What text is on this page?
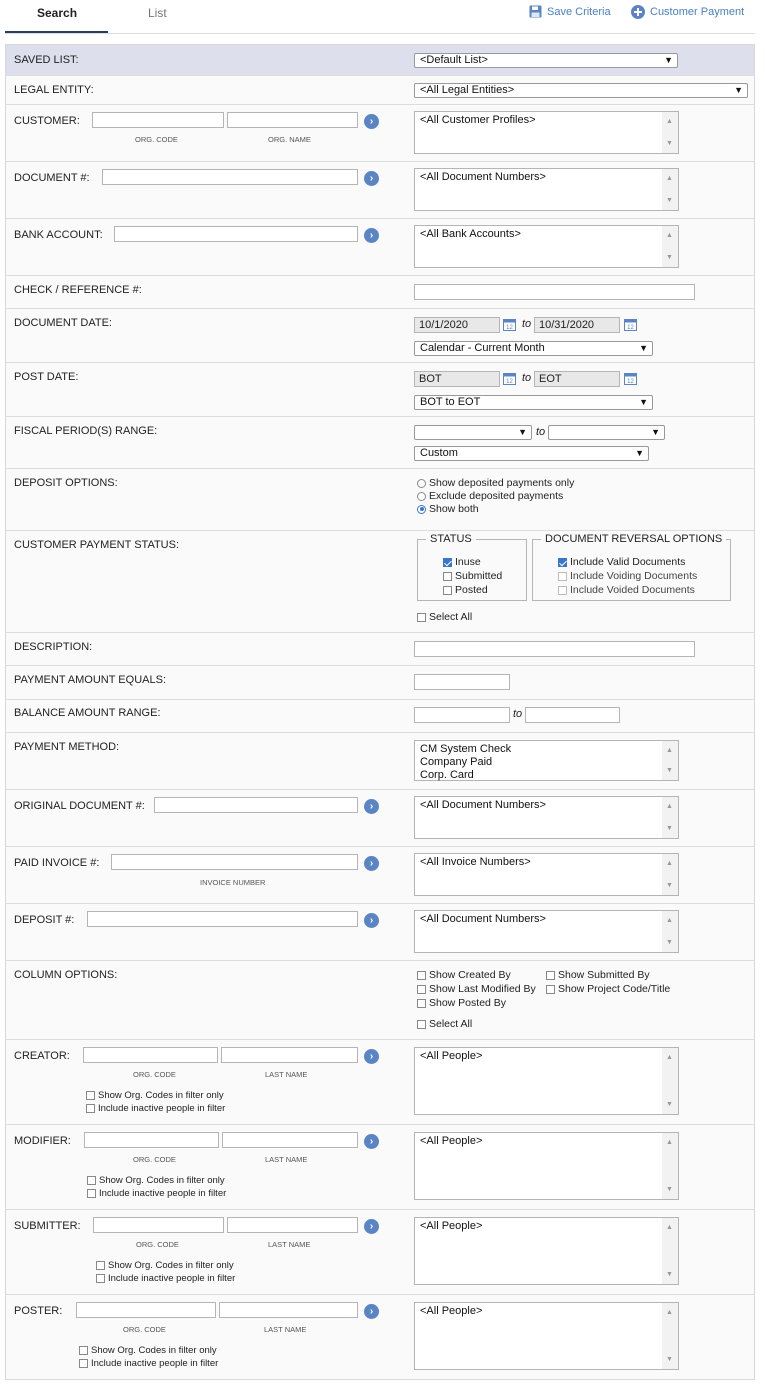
Search	List	Save Criteria	Customer Payment
SAVED LIST:	<Default List>	▼
LEGAL ENTITY:	<All Legal Entities>	▼
CUSTOMER:
ORG. CODE	ORG. NAME
›	<All Customer Profiles>	▲
▼
DOCUMENT #:	›	<All Document Numbers>	▲
▼
BANK ACCOUNT:	›	<All Bank Accounts>	▲
▼
CHECK / REFERENCE #:
DOCUMENT DATE:	10/1/2020	12 to 10/31/2020	12
Calendar - Current Month	▼
POST DATE:	BOT	12 to EOT	12
BOT to EOT	▼
FISCAL PERIOD(S) RANGE:	▼ to	▼
Custom	▼
DEPOSIT OPTIONS:	Show deposited payments only
Exclude deposited payments
Show both
CUSTOMER PAYMENT STATUS:	STATUS
Inuse
Submitted
Posted
DOCUMENT REVERSAL OPTIONS
Include Valid Documents
Include Voiding Documents
Include Voided Documents
Select All
DESCRIPTION:
PAYMENT AMOUNT EQUALS:
BALANCE AMOUNT RANGE:	to
PAYMENT METHOD:	CM System Check
Company Paid
Corp. Card
▲
▼
ORIGINAL DOCUMENT #:	›	<All Document Numbers>	▲
▼
PAID INVOICE #:
INVOICE NUMBER
›	<All Invoice Numbers>	▲
▼
DEPOSIT #:	›	<All Document Numbers>	▲
▼
COLUMN OPTIONS:	Show Created By	Show Submitted By
Show Last Modified By Show Project Code/Title
Show Posted By
Select All
CREATOR:
ORG. CODE	LAST NAME
Show Org. Codes in filter only
Include inactive people in filter
›	<All People>	▲
▼
MODIFIER:
ORG. CODE	LAST NAME
Show Org. Codes in filter only
Include inactive people in filter
›	<All People>	▲
▼
SUBMITTER:
ORG. CODE	LAST NAME
Show Org. Codes in filter only
Include inactive people in filter
›	<All People>	▲
▼
POSTER:
ORG. CODE	LAST NAME
Show Org. Codes in filter only
Include inactive people in filter
›	<All People>	▲
▼
